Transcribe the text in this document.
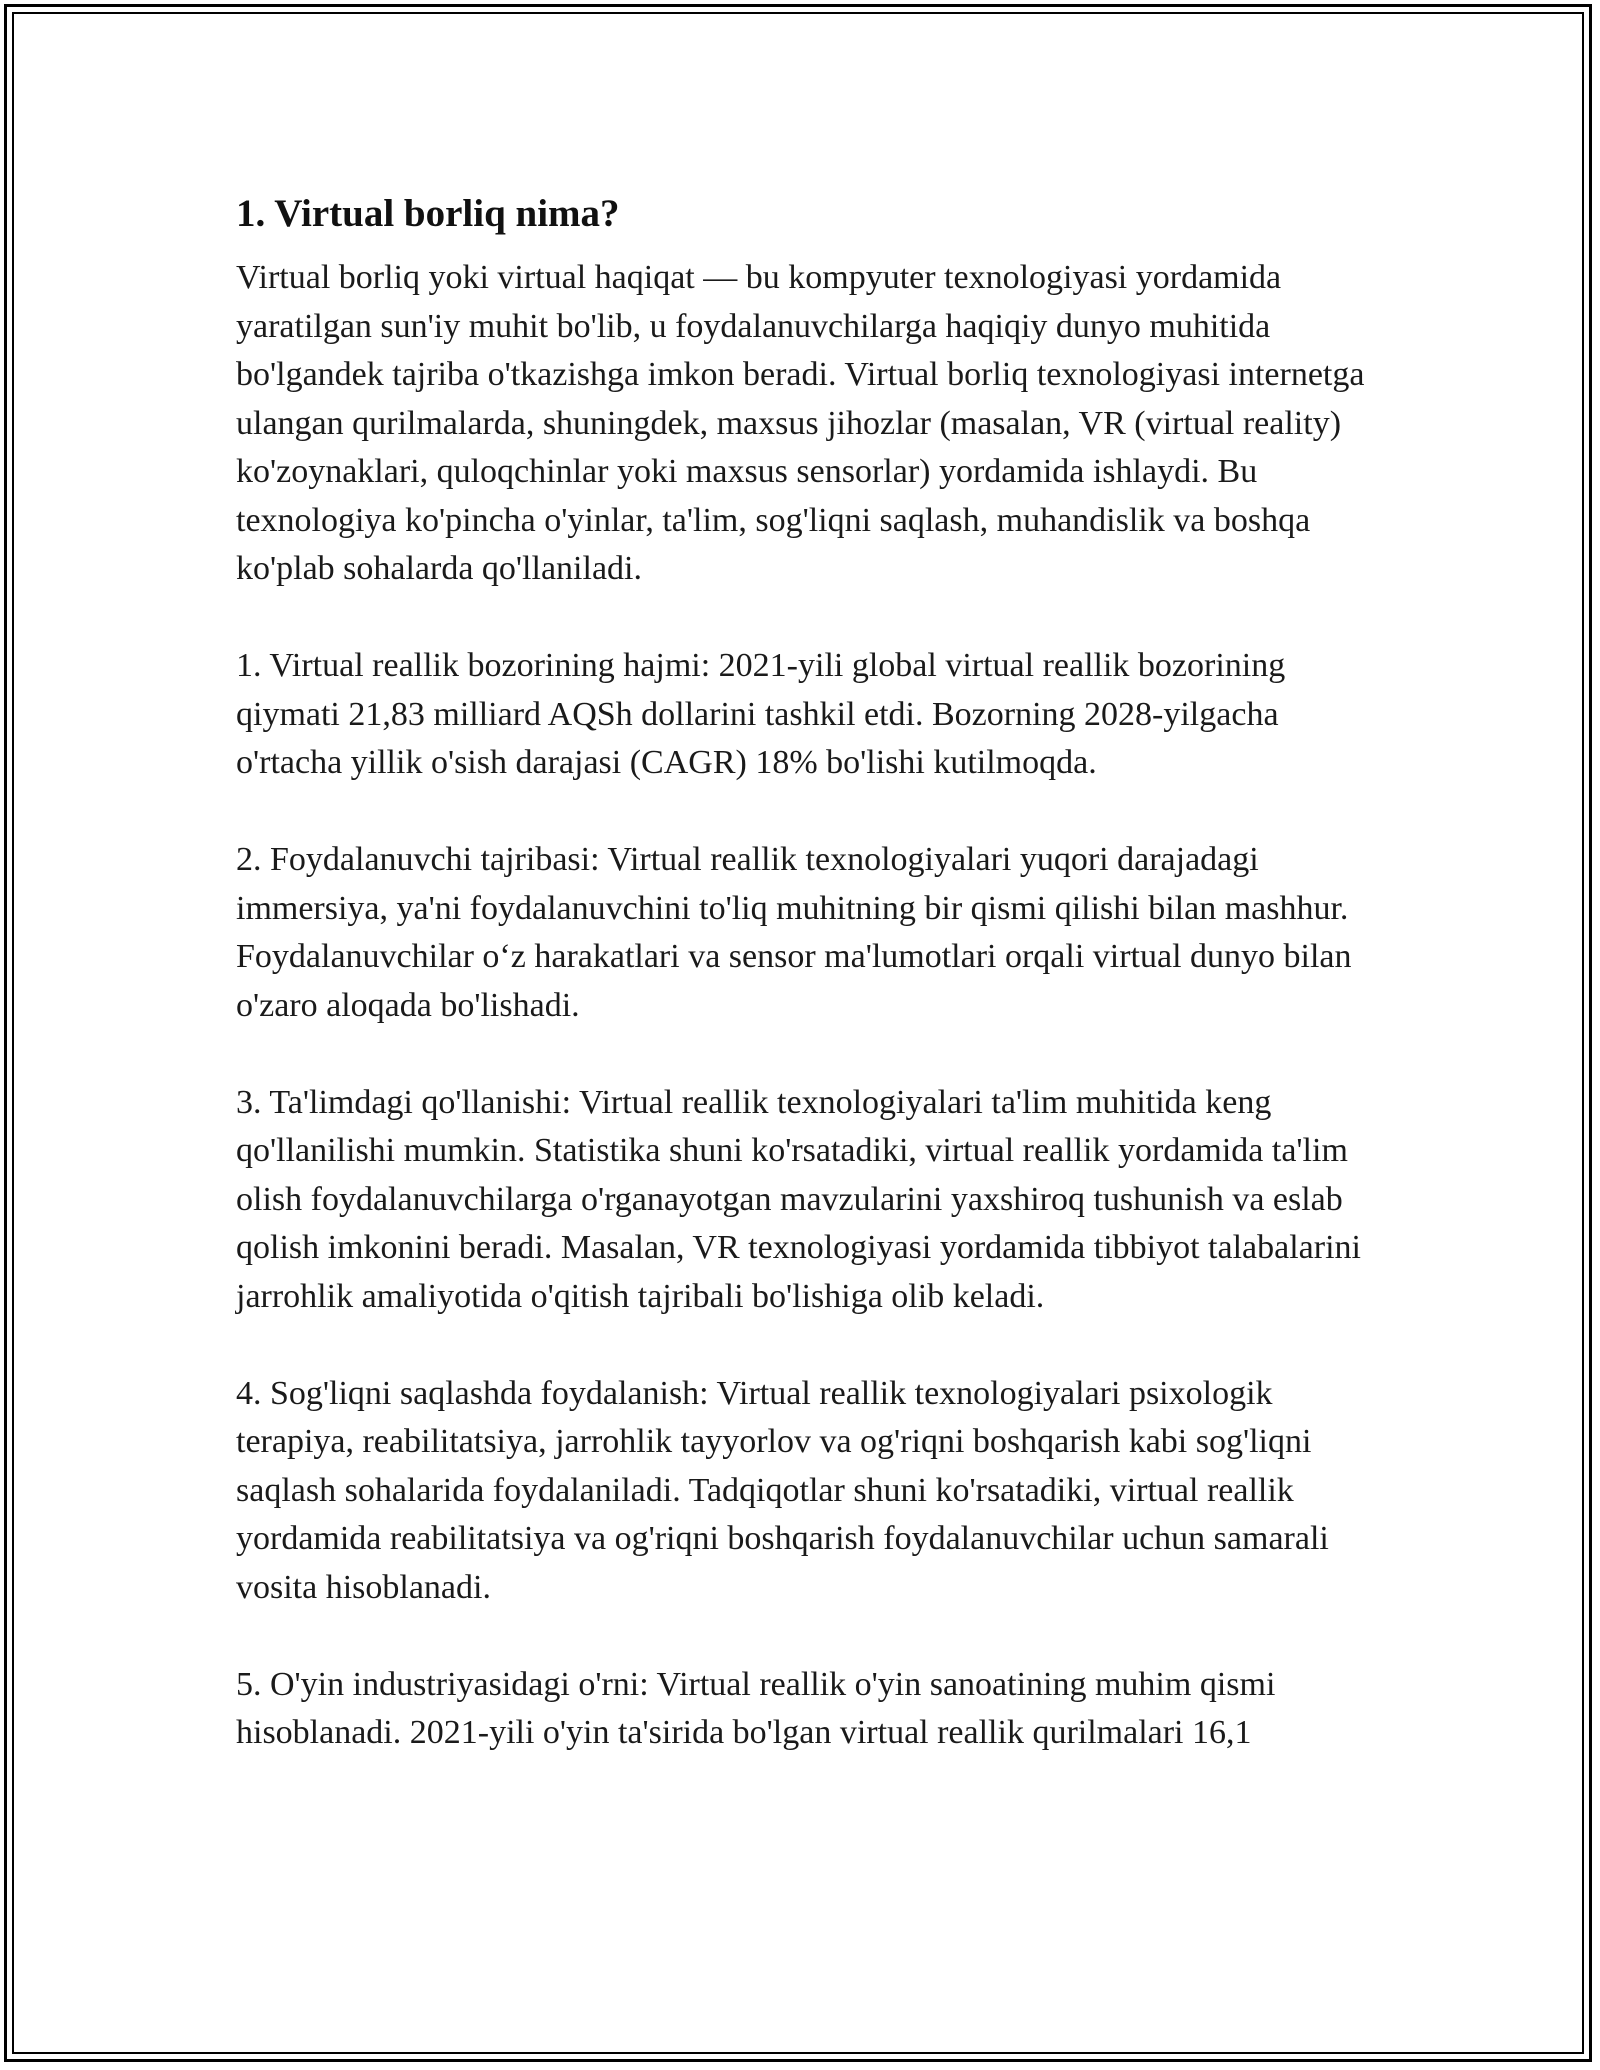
1. Virtual borliq nima?

Virtual borliq yoki virtual haqiqat — bu kompyuter texnologiyasi yordamida yaratilgan sun'iy muhit bo'lib, u foydalanuvchilarga haqiqiy dunyo muhitida bo'lgandek tajriba o'tkazishga imkon beradi. Virtual borliq texnologiyasi internetga ulangan qurilmalarda, shuningdek, maxsus jihozlar (masalan, VR (virtual reality) ko'zoynaklari, quloqchinlar yoki maxsus sensorlar) yordamida ishlaydi. Bu texnologiya ko'pincha o'yinlar, ta'lim, sog'liqni saqlash, muhandislik va boshqa ko'plab sohalarda qo'llaniladi.

1. Virtual reallik bozorining hajmi: 2021-yili global virtual reallik bozorining qiymati 21,83 milliard AQSh dollarini tashkil etdi. Bozorning 2028-yilgacha o'rtacha yillik o'sish darajasi (CAGR) 18% bo'lishi kutilmoqda.

2. Foydalanuvchi tajribasi: Virtual reallik texnologiyalari yuqori darajadagi immersiya, ya'ni foydalanuvchini to'liq muhitning bir qismi qilishi bilan mashhur. Foydalanuvchilar o‘z harakatlari va sensor ma'lumotlari orqali virtual dunyo bilan o'zaro aloqada bo'lishadi.

3. Ta'limdagi qo'llanishi: Virtual reallik texnologiyalari ta'lim muhitida keng qo'llanilishi mumkin. Statistika shuni ko'rsatadiki, virtual reallik yordamida ta'lim olish foydalanuvchilarga o'rganayotgan mavzularini yaxshiroq tushunish va eslab qolish imkonini beradi. Masalan, VR texnologiyasi yordamida tibbiyot talabalarini jarrohlik amaliyotida o'qitish tajribali bo'lishiga olib keladi.

4. Sog'liqni saqlashda foydalanish: Virtual reallik texnologiyalari psixologik terapiya, reabilitatsiya, jarrohlik tayyorlov va og'riqni boshqarish kabi sog'liqni saqlash sohalarida foydalaniladi. Tadqiqotlar shuni ko'rsatadiki, virtual reallik yordamida reabilitatsiya va og'riqni boshqarish foydalanuvchilar uchun samarali vosita hisoblanadi.

5. O'yin industriyasidagi o'rni: Virtual reallik o'yin sanoatining muhim qismi hisoblanadi. 2021-yili o'yin ta'sirida bo'lgan virtual reallik qurilmalari 16,1
